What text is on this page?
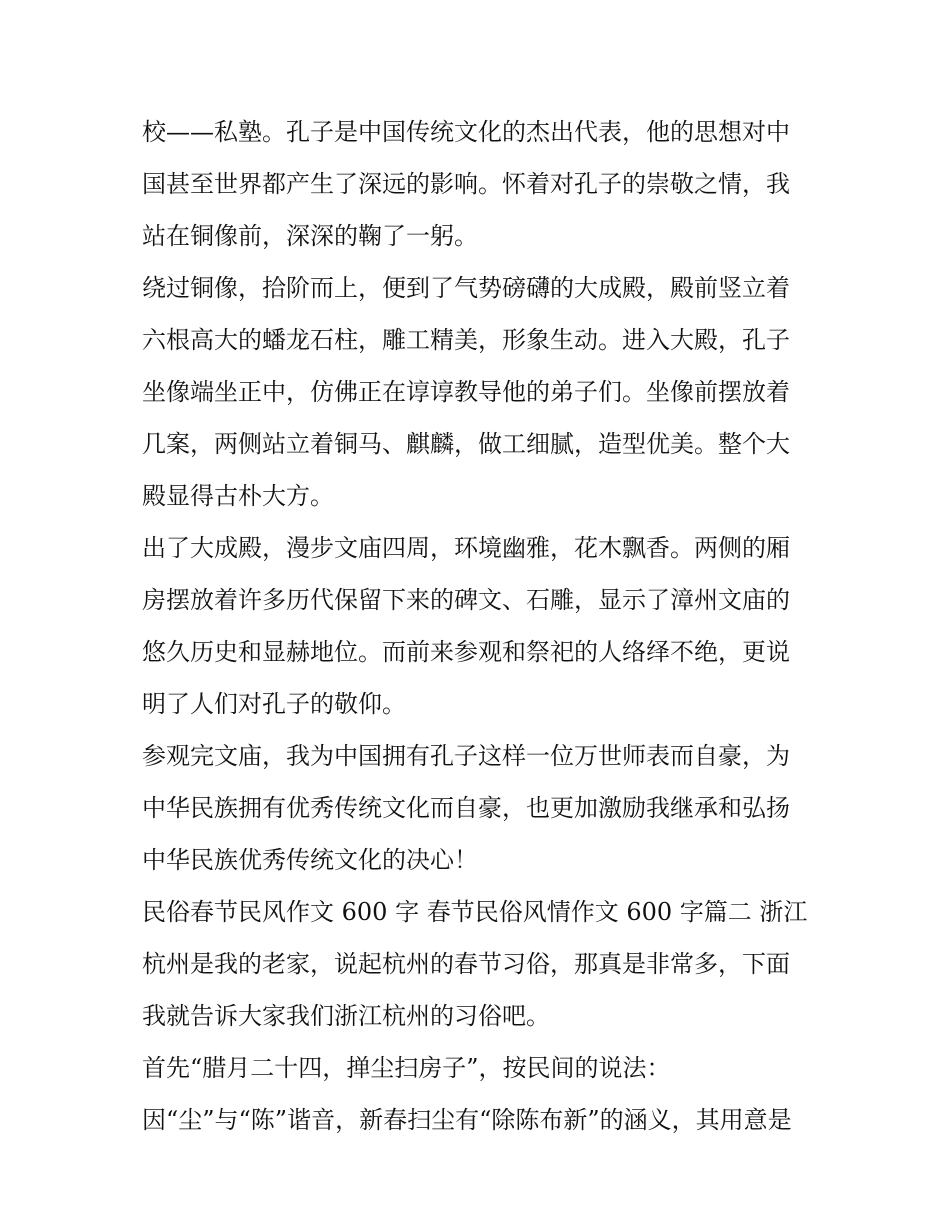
校——私塾。孔子是中国传统文化的杰出代表，他的思想对中
国甚至世界都产生了深远的影响。怀着对孔子的崇敬之情，我
站在铜像前，深深的鞠了一躬。
绕过铜像，拾阶而上，便到了气势磅礴的大成殿，殿前竖立着
六根高大的蟠龙石柱，雕工精美，形象生动。进入大殿，孔子
坐像端坐正中，仿佛正在谆谆教导他的弟子们。坐像前摆放着
几案，两侧站立着铜马、麒麟，做工细腻，造型优美。整个大
殿显得古朴大方。
出了大成殿，漫步文庙四周，环境幽雅，花木飘香。两侧的厢
房摆放着许多历代保留下来的碑文、石雕，显示了漳州文庙的
悠久历史和显赫地位。而前来参观和祭祀的人络绎不绝，更说
明了人们对孔子的敬仰。
参观完文庙，我为中国拥有孔子这样一位万世师表而自豪，为
中华民族拥有优秀传统文化而自豪，也更加激励我继承和弘扬
中华民族优秀传统文化的决心！
民俗春节民风作文 600 字 春节民俗风情作文 600 字篇二 浙江
杭州是我的老家，说起杭州的春节习俗，那真是非常多，下面
我就告诉大家我们浙江杭州的习俗吧。
首先“腊月二十四，掸尘扫房子”，按民间的说法：
因“尘”与“陈”谐音，新春扫尘有“除陈布新”的涵义，其用意是
